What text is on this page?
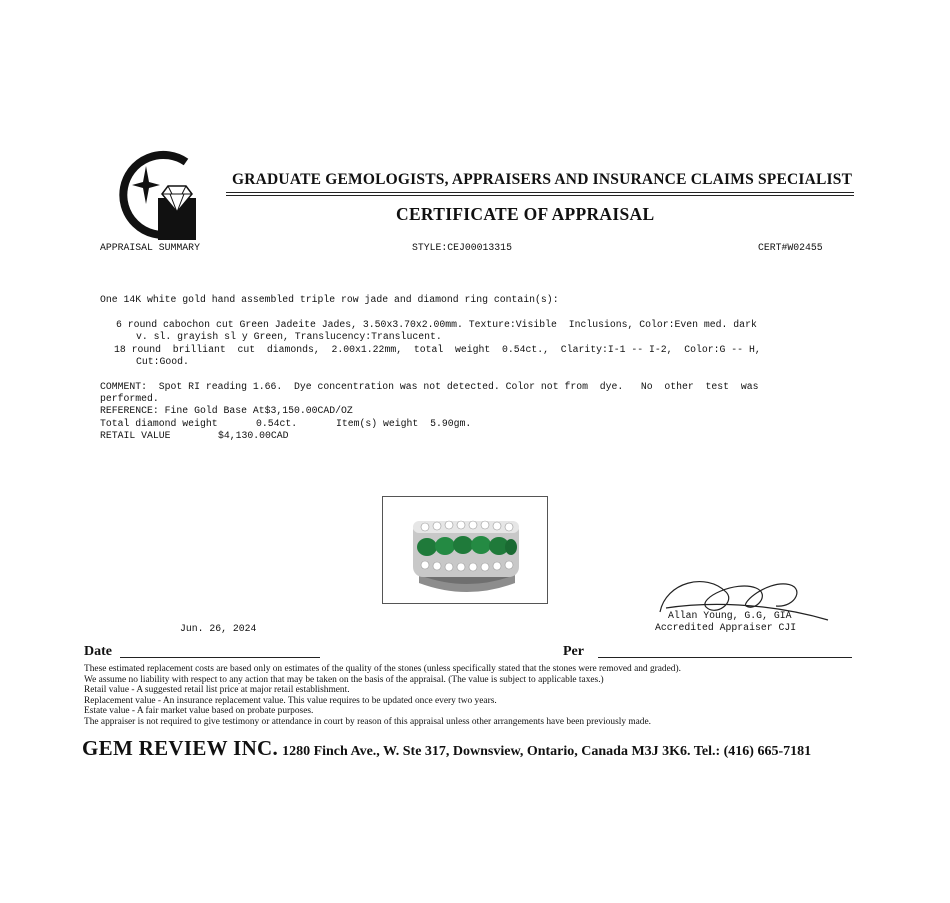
GRADUATE GEMOLOGISTS, APPRAISERS AND INSURANCE CLAIMS SPECIALIST
CERTIFICATE OF APPRAISAL
APPRAISAL SUMMARY	STYLE:CEJ00013315	CERT#W02455
One 14K white gold hand assembled triple row jade and diamond ring contain(s):
6 round cabochon cut Green Jadeite Jades, 3.50x3.70x2.00mm. Texture:Visible  Inclusions, Color:Even med. dark
v. sl. grayish sl y Green, Translucency:Translucent.
18 round  brilliant  cut  diamonds,  2.00x1.22mm,  total  weight  0.54ct.,  Clarity:I-1 -- I-2,  Color:G -- H,
Cut:Good.
COMMENT:  Spot RI reading 1.66.  Dye concentration was not detected. Color not from  dye.   No  other  test  was
performed.
REFERENCE: Fine Gold Base At$3,150.00CAD/OZ
Total diamond weight	0.54ct.	Item(s) weight  5.90gm.
RETAIL VALUE	$4,130.00CAD
Allan Young, G.G, GIA
Accredited Appraiser CJI
Jun. 26, 2024
Date	Per
These estimated replacement costs are based only on estimates of the quality of the stones (unless specifically stated that the stones were removed and graded).
We assume no liability with respect to any action that may be taken on the basis of the appraisal. (The value is subject to applicable taxes.)
Retail value - A suggested retail list price at major retail establishment.
Replacement value - An insurance replacement value. This value requires to be updated once every two years.
Estate value - A fair market value based on probate purposes.
The appraiser is not required to give testimony or attendance in court by reason of this appraisal unless other arrangements have been previously made.
GEM REVIEW INC. 1280 Finch Ave., W. Ste 317, Downsview, Ontario, Canada M3J 3K6. Tel.: (416) 665-7181
